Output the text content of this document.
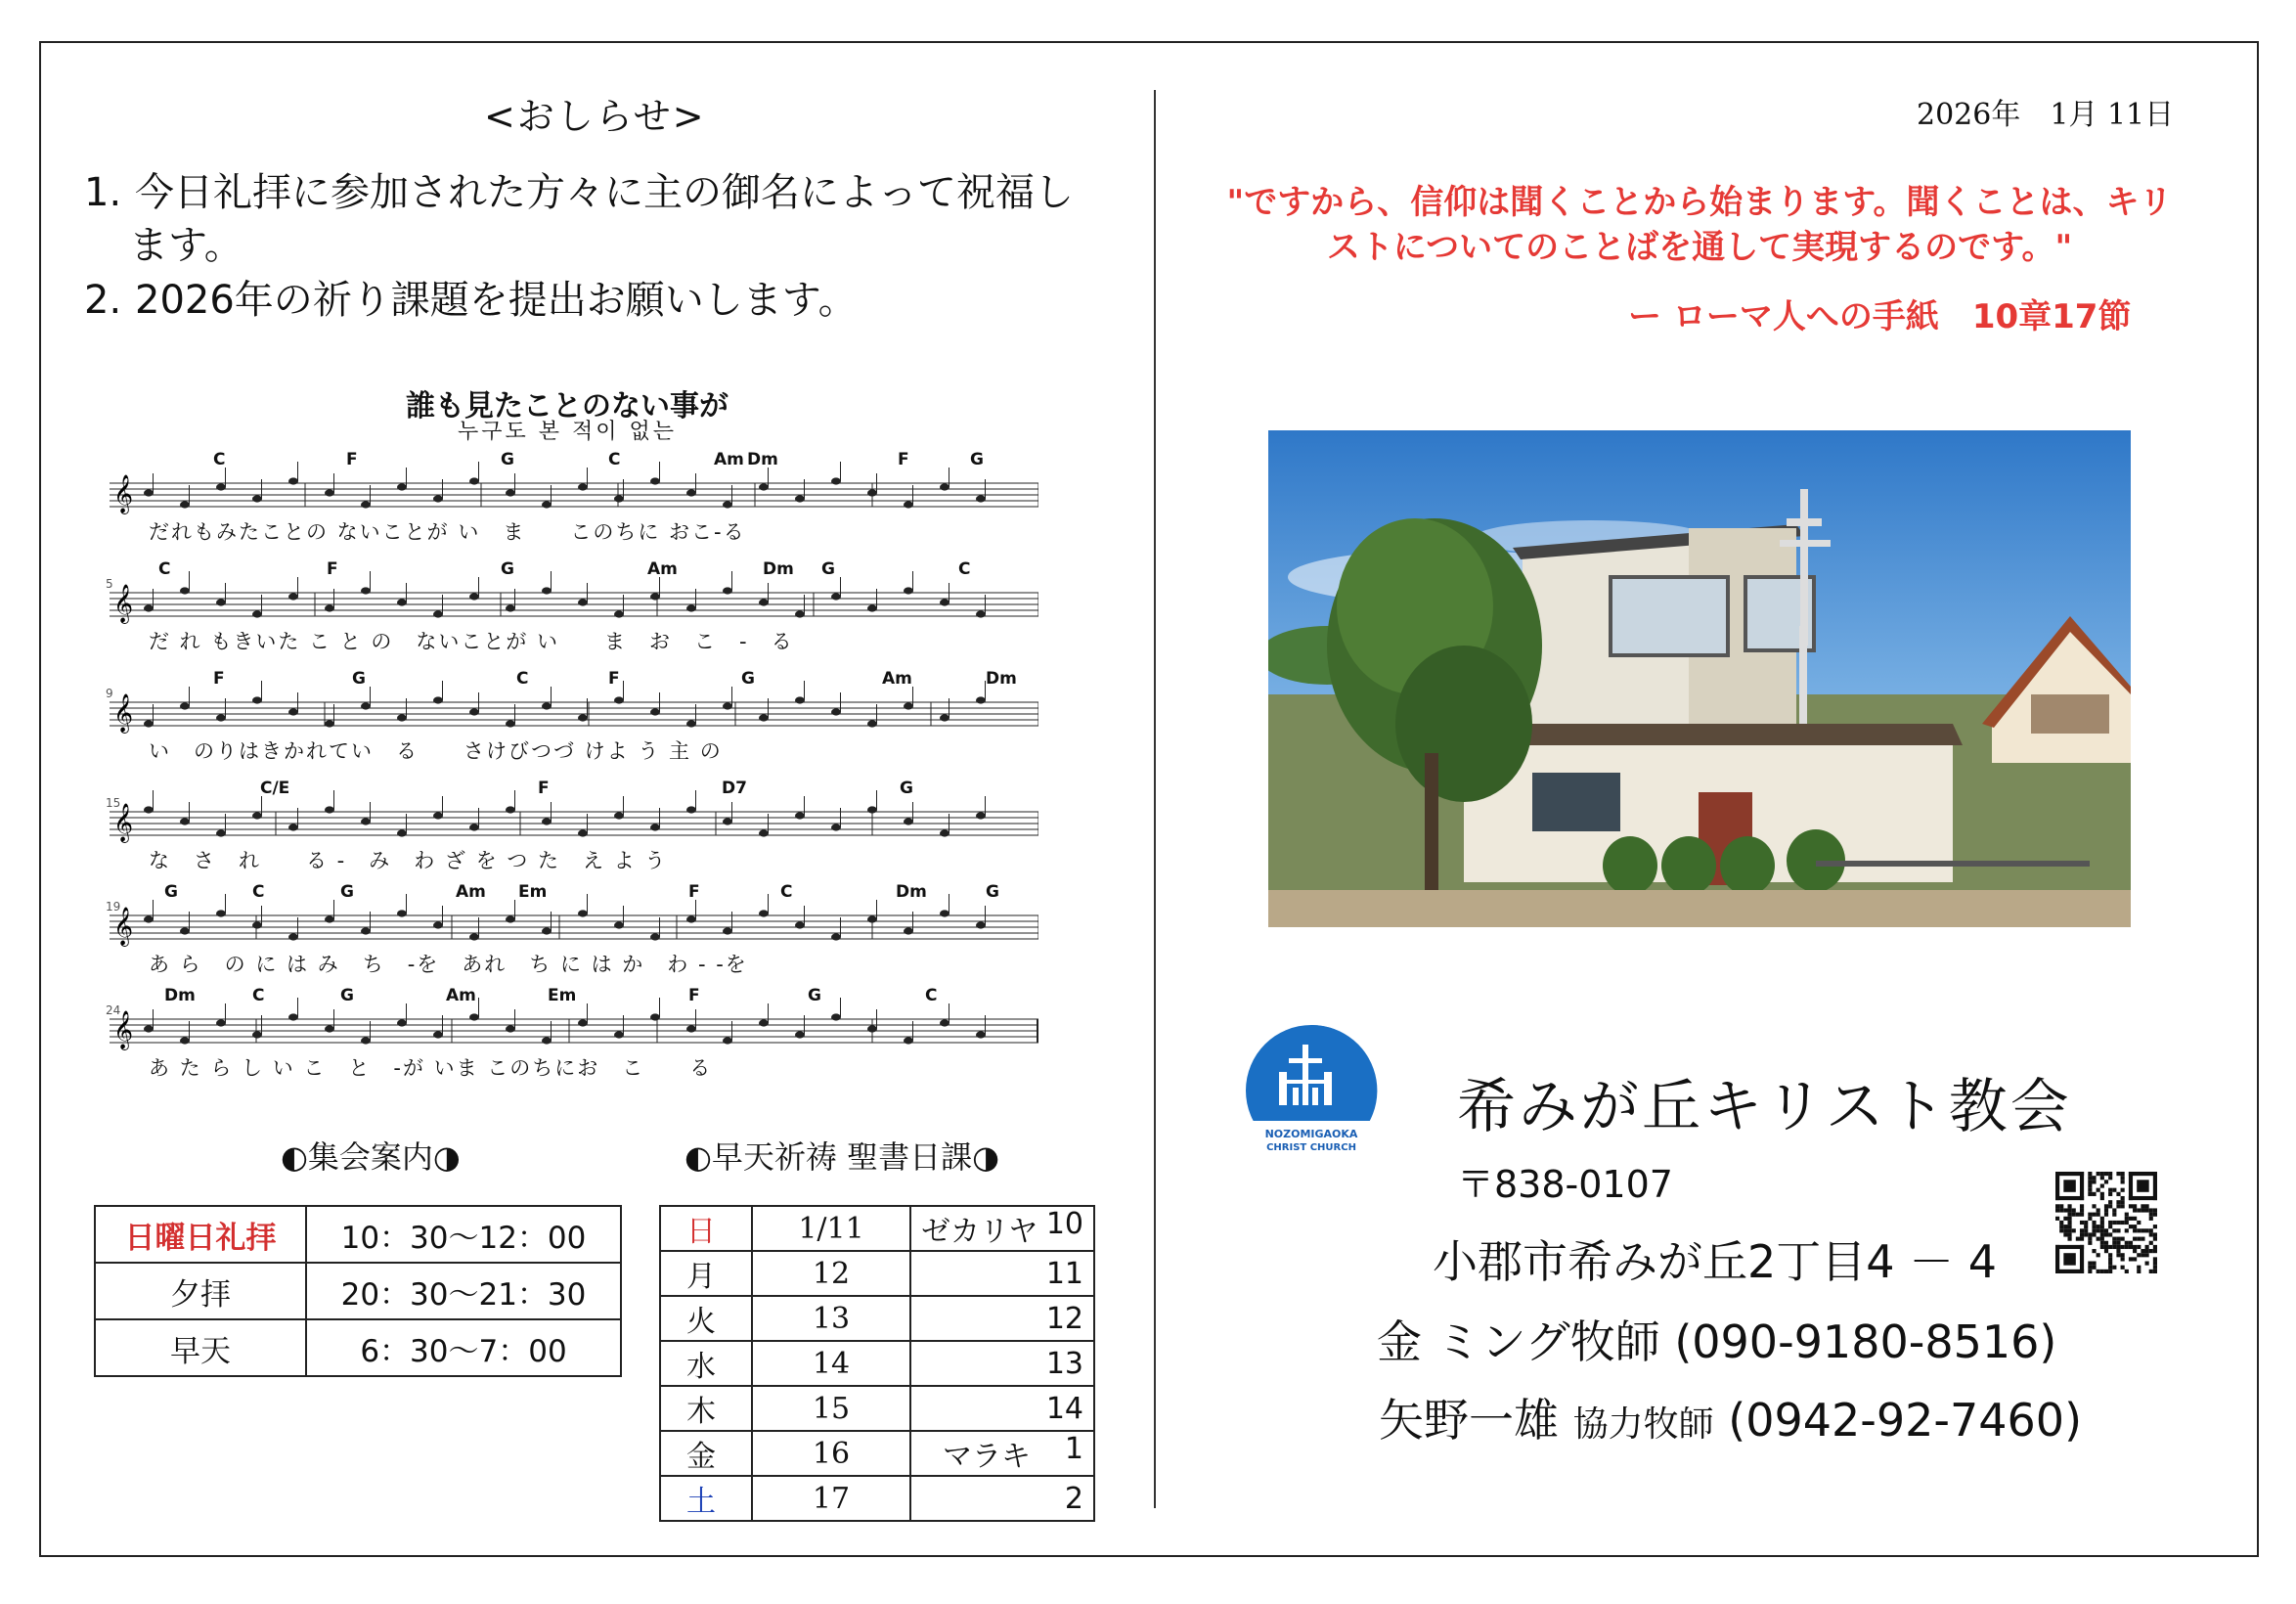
<おしらせ>
1. 今日礼拝に参加された方々に主の御名によって祝福し
ます。
2. 2026年の祈り課題を提出お願いします。
誰も見たことのない事が
누구도 본 적이 없는
𝄞
C	F	G	C	Am Dm	F	G
だれもみたことの ないことが い　ま　　このちに おこ-る
𝄞
5
C	F	G	Am	Dm G	C
だ れ もきいた こ と の　ないことが い　　ま　お　こ　-　る
𝄞
9
F	G	C	F	G	Am	Dm
い　のりはきかれてい　る　　さけびつづ けよ う 主 の
𝄞
15
C/E	F	D7	G
な　さ　れ　　る -　み　わ ざ を つ た　え よ う
𝄞
19
G	C	G	Am Em	F	C	Dm	G
あ ら　の に は み　ち　-を　あれ　ち に は か　わ - -を
𝄞
24
Dm	C	G	Am	Em	F	G	C
あ た ら し い こ　と　-が いま このちにお　こ　　る
◐集会案内◑
日曜日礼拝	10：30〜12：00
夕拝	20：30〜21：30
早天	6：30〜7：00
◐早天祈祷 聖書日課◑
日	1/11	ゼカリヤ 10
月	12	11
火	13	12
水	14	13
木	15	14
金	16	マラキ 1
土	17	2
2026年　1月 11日
"ですから、信仰は聞くことから始まります。聞くことは、キリ
ストについてのことばを通して実現するのです。"
ー ローマ人への手紙　10章17節
NOZOMIGAOKA
CHRIST CHURCH
希みが丘キリスト教会
〒838-0107
小郡市希みが丘2丁目4 － 4
金 ミング牧師 (090-9180-8516)
矢野一雄 協力牧師 (0942-92-7460)
